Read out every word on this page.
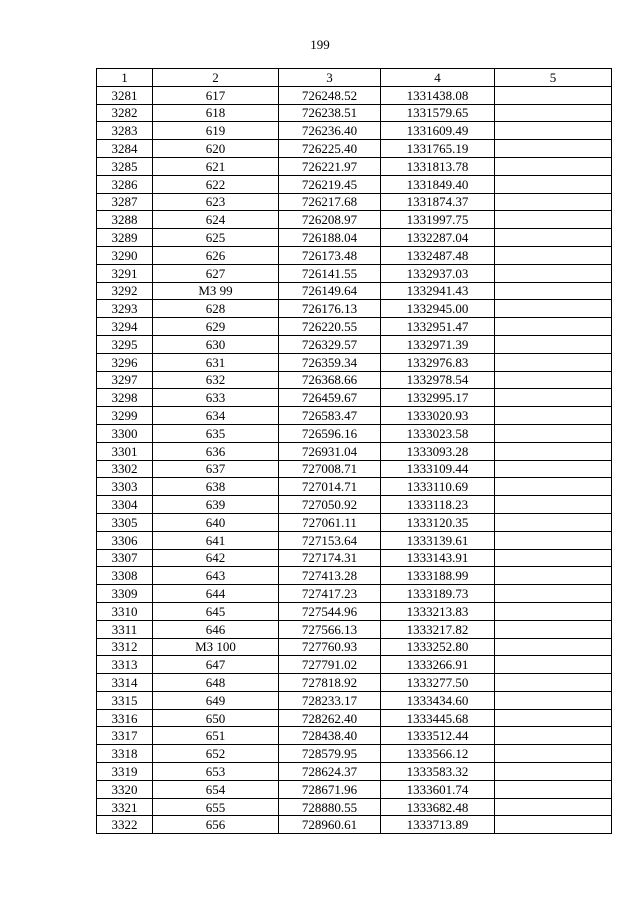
199
1	2	3	4	5
3281	617	726248.52	1331438.08	
3282	618	726238.51	1331579.65	
3283	619	726236.40	1331609.49	
3284	620	726225.40	1331765.19	
3285	621	726221.97	1331813.78	
3286	622	726219.45	1331849.40	
3287	623	726217.68	1331874.37	
3288	624	726208.97	1331997.75	
3289	625	726188.04	1332287.04	
3290	626	726173.48	1332487.48	
3291	627	726141.55	1332937.03	
3292	МЗ 99	726149.64	1332941.43	
3293	628	726176.13	1332945.00	
3294	629	726220.55	1332951.47	
3295	630	726329.57	1332971.39	
3296	631	726359.34	1332976.83	
3297	632	726368.66	1332978.54	
3298	633	726459.67	1332995.17	
3299	634	726583.47	1333020.93	
3300	635	726596.16	1333023.58	
3301	636	726931.04	1333093.28	
3302	637	727008.71	1333109.44	
3303	638	727014.71	1333110.69	
3304	639	727050.92	1333118.23	
3305	640	727061.11	1333120.35	
3306	641	727153.64	1333139.61	
3307	642	727174.31	1333143.91	
3308	643	727413.28	1333188.99	
3309	644	727417.23	1333189.73	
3310	645	727544.96	1333213.83	
3311	646	727566.13	1333217.82	
3312	МЗ 100	727760.93	1333252.80	
3313	647	727791.02	1333266.91	
3314	648	727818.92	1333277.50	
3315	649	728233.17	1333434.60	
3316	650	728262.40	1333445.68	
3317	651	728438.40	1333512.44	
3318	652	728579.95	1333566.12	
3319	653	728624.37	1333583.32	
3320	654	728671.96	1333601.74	
3321	655	728880.55	1333682.48	
3322	656	728960.61	1333713.89	
